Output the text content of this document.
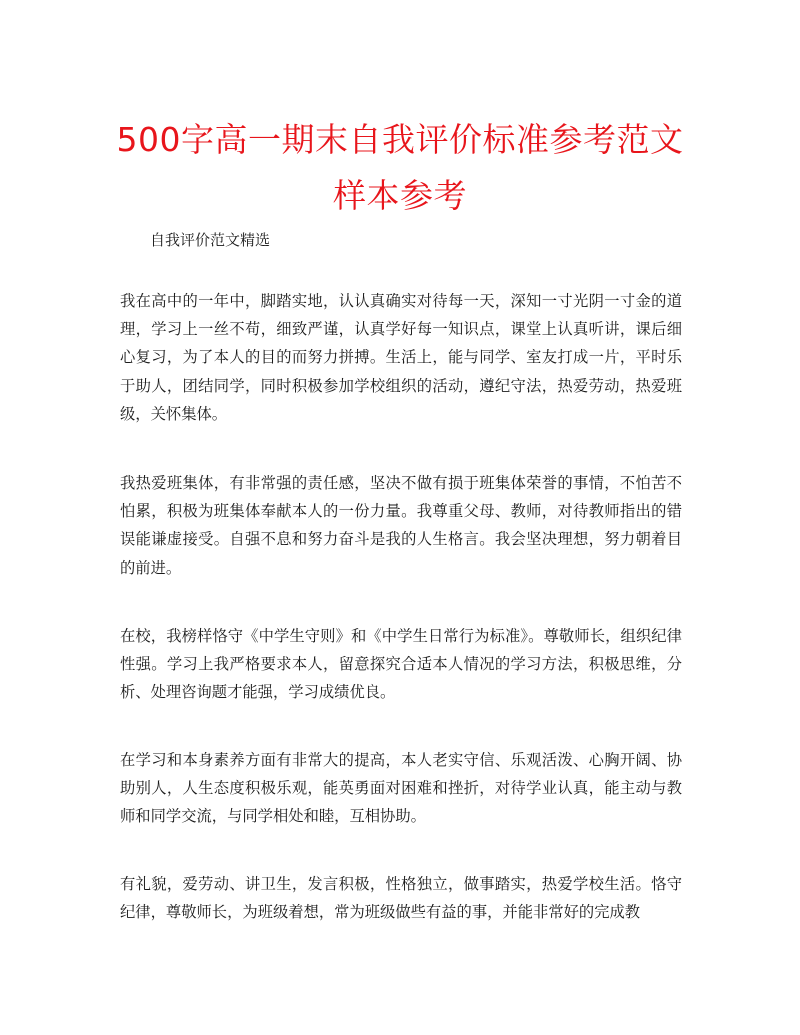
500字高一期末自我评价标准参考范文样本参考
自我评价范文精选
我在高中的一年中，脚踏实地，认认真确实对待每一天，深知一寸光阴一寸金的道理，学习上一丝不苟，细致严谨，认真学好每一知识点，课堂上认真听讲，课后细心复习，为了本人的目的而努力拼搏。生活上，能与同学、室友打成一片，平时乐于助人，团结同学，同时积极参加学校组织的活动，遵纪守法，热爱劳动，热爱班级，关怀集体。
我热爱班集体，有非常强的责任感，坚决不做有损于班集体荣誉的事情，不怕苦不怕累，积极为班集体奉献本人的一份力量。我尊重父母、教师，对待教师指出的错误能谦虚接受。自强不息和努力奋斗是我的人生格言。我会坚决理想，努力朝着目的前进。
在校，我榜样恪守《中学生守则》和《中学生日常行为标准》。尊敬师长，组织纪律性强。学习上我严格要求本人，留意探究合适本人情况的学习方法，积极思维，分析、处理咨询题才能强，学习成绩优良。
在学习和本身素养方面有非常大的提高，本人老实守信、乐观活泼、心胸开阔、协助别人，人生态度积极乐观，能英勇面对困难和挫折，对待学业认真，能主动与教师和同学交流，与同学相处和睦，互相协助。
有礼貌，爱劳动、讲卫生，发言积极，性格独立，做事踏实，热爱学校生活。恪守纪律，尊敬师长，为班级着想，常为班级做些有益的事，并能非常好的完成教
